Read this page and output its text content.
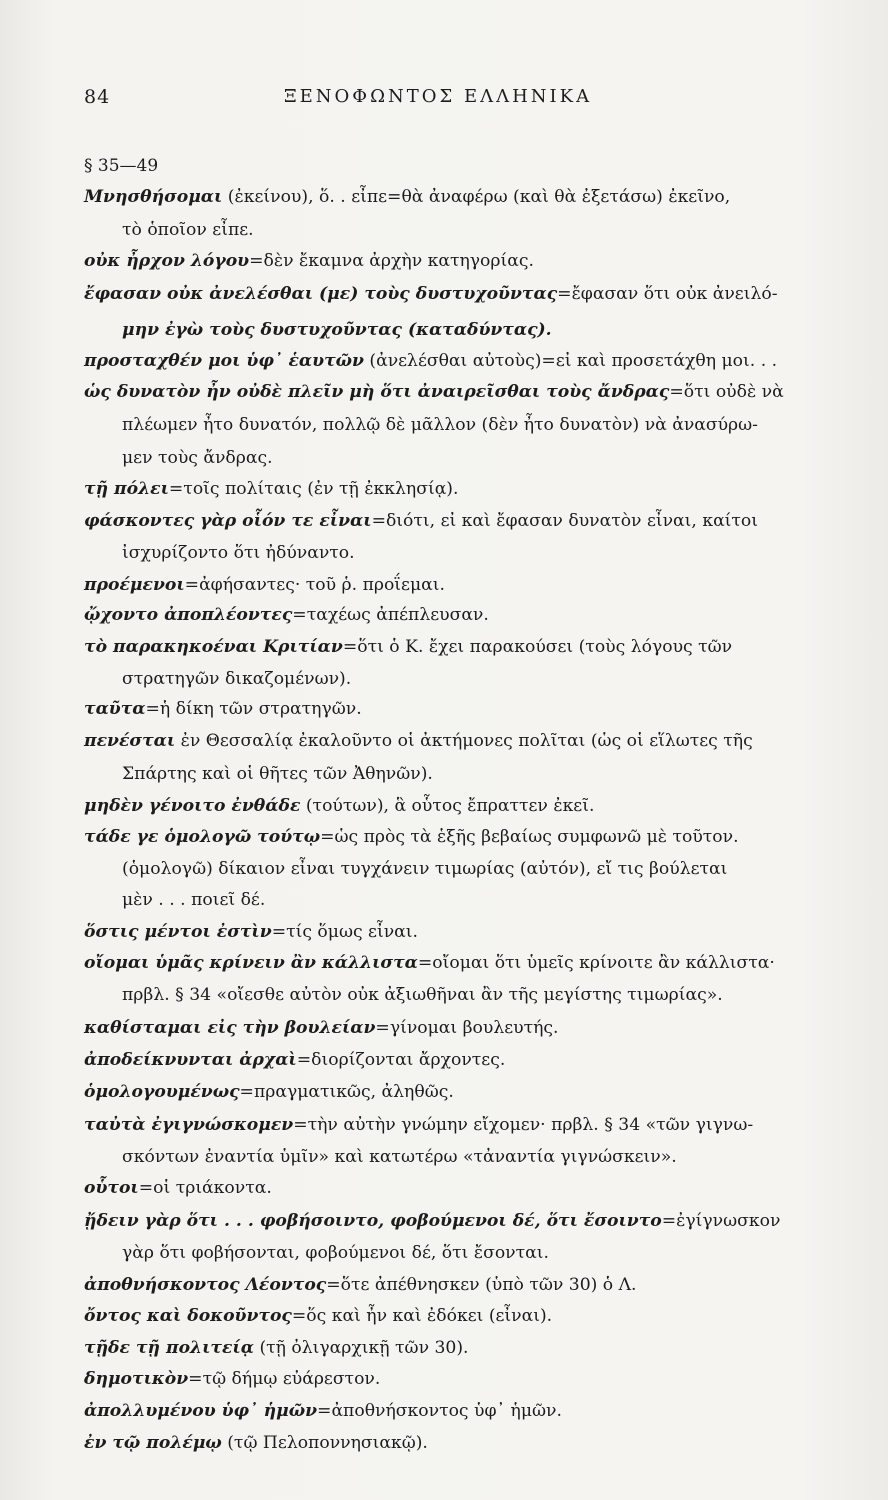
84	ΞΕΝΟΦΩΝΤΟΣ ΕΛΛΗΝΙΚΑ
§ 35—49
Μνησθήσομαι (ἐκείνου), ὅ. . εἶπε=θὰ ἀναφέρω (καὶ θὰ ἐξετάσω) ἐκεῖνο,
τὸ ὁποῖον εἶπε.
οὐκ ἦρχον λόγου=δὲν ἔκαμνα ἀρχὴν κατηγορίας.
ἔφασαν οὐκ ἀνελέσθαι (με) τοὺς δυστυχοῦντας=ἔφασαν ὅτι οὐκ ἀνειλό-
μην ἐγὼ τοὺς δυστυχοῦντας (καταδύντας).
προσταχθέν μοι ὑφ᾽ ἑαυτῶν (ἀνελέσθαι αὐτοὺς)=εἰ καὶ προσετάχθη μοι. . .
ὡς δυνατὸν ἦν οὐδὲ πλεῖν μὴ ὅτι ἀναιρεῖσθαι τοὺς ἄνδρας=ὅτι οὐδὲ νὰ
πλέωμεν ἦτο δυνατόν, πολλῷ δὲ μᾶλλον (δὲν ἦτο δυνατὸν) νὰ ἀνασύρω-
μεν τοὺς ἄνδρας.
τῇ πόλει=τοῖς πολίταις (ἐν τῇ ἐκκλησίᾳ).
φάσκοντες γὰρ οἷόν τε εἶναι=διότι, εἰ καὶ ἔφασαν δυνατὸν εἶναι, καίτοι
ἰσχυρίζοντο ὅτι ἠδύναντο.
προέμενοι=ἀφήσαντες· τοῦ ῥ. προΐεμαι.
ᾤχοντο ἀποπλέοντες=ταχέως ἀπέπλευσαν.
τὸ παρακηκοέναι Κριτίαν=ὅτι ὁ Κ. ἔχει παρακούσει (τοὺς λόγους τῶν
στρατηγῶν δικαζομένων).
ταῦτα=ἡ δίκη τῶν στρατηγῶν.
πενέσται ἐν Θεσσαλίᾳ ἐκαλοῦντο οἱ ἀκτήμονες πολῖται (ὡς οἱ εἵλωτες τῆς
Σπάρτης καὶ οἱ θῆτες τῶν Ἀθηνῶν).
μηδὲν γένοιτο ἐνθάδε (τούτων), ἃ οὗτος ἔπραττεν ἐκεῖ.
τάδε γε ὁμολογῶ τούτῳ=ὡς πρὸς τὰ ἑξῆς βεβαίως συμφωνῶ μὲ τοῦτον.
(ὁμολογῶ) δίκαιον εἶναι τυγχάνειν τιμωρίας (αὐτόν), εἴ τις βούλεται
μὲν . . . ποιεῖ δέ.
ὅστις μέντοι ἐστὶν=τίς ὅμως εἶναι.
οἴομαι ὑμᾶς κρίνειν ἂν κάλλιστα=οἴομαι ὅτι ὑμεῖς κρίνοιτε ἂν κάλλιστα·
πρβλ. § 34 «οἴεσθε αὐτὸν οὐκ ἀξιωθῆναι ἂν τῆς μεγίστης τιμωρίας».
καθίσταμαι εἰς τὴν βουλείαν=γίνομαι βουλευτής.
ἀποδείκνυνται ἀρχαὶ=διορίζονται ἄρχοντες.
ὁμολογουμένως=πραγματικῶς, ἀληθῶς.
ταὐτὰ ἐγιγνώσκομεν=τὴν αὐτὴν γνώμην εἴχομεν· πρβλ. § 34 «τῶν γιγνω-
σκόντων ἐναντία ὑμῖν» καὶ κατωτέρω «τἀναντία γιγνώσκειν».
οὗτοι=οἱ τριάκοντα.
ᾔδειν γὰρ ὅτι . . . φοβήσοιντο, φοβούμενοι δέ, ὅτι ἔσοιντο=ἐγίγνωσκον
γὰρ ὅτι φοβήσονται, φοβούμενοι δέ, ὅτι ἔσονται.
ἀποθνήσκοντος Λέοντος=ὅτε ἀπέθνησκεν (ὑπὸ τῶν 30) ὁ Λ.
ὄντος καὶ δοκοῦντος=ὅς καὶ ἦν καὶ ἐδόκει (εἶναι).
τῇδε τῇ πολιτείᾳ (τῇ ὀλιγαρχικῇ τῶν 30).
δημοτικὸν=τῷ δήμῳ εὐάρεστον.
ἀπολλυμένου ὑφ᾽ ἡμῶν=ἀποθνήσκοντος ὑφ᾽ ἡμῶν.
ἐν τῷ πολέμῳ (τῷ Πελοποννησιακῷ).
